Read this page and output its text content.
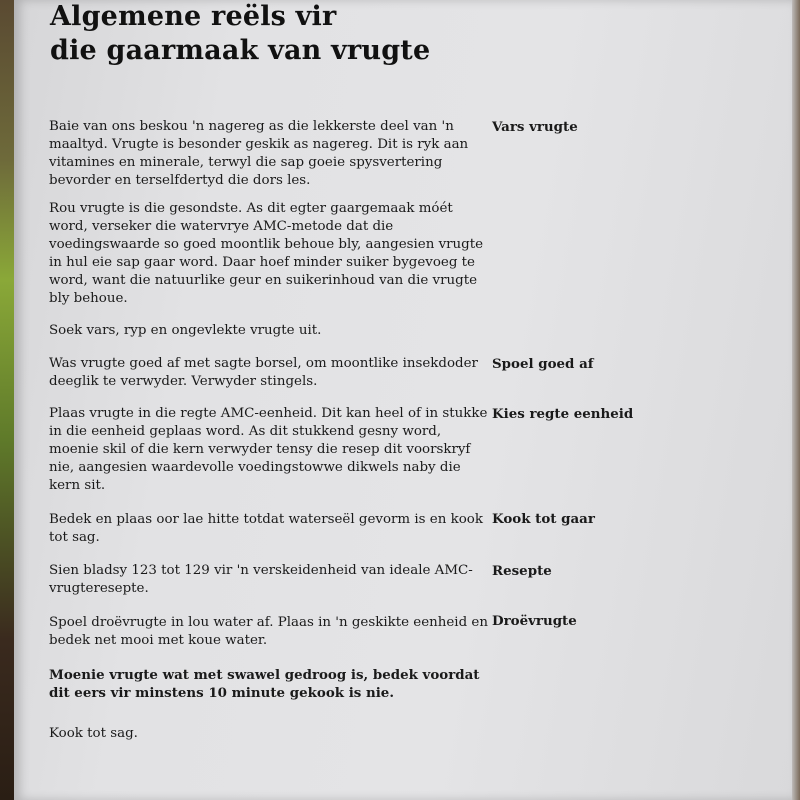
Algemene reëls vir
die gaarmaak van vrugte

Baie van ons beskou 'n nagereg as die lekkerste deel van 'n maaltyd. Vrugte is besonder geskik as nagereg. Dit is ryk aan vitamines en minerale, terwyl die sap goeie spysvertering bevorder en terselfdertyd die dors les.

Rou vrugte is die gesondste. As dit egter gaargemaak móét word, verseker die watervrye AMC-metode dat die voedingswaarde so goed moontlik behoue bly, aangesien vrugte in hul eie sap gaar word. Daar hoef minder suiker bygevoeg te word, want die natuurlike geur en suikerinhoud van die vrugte bly behoue.

Soek vars, ryp en ongevlekte vrugte uit.

Was vrugte goed af met sagte borsel, om moontlike insekdoder deeglik te verwyder. Verwyder stingels.

Plaas vrugte in die regte AMC-eenheid. Dit kan heel of in stukke in die eenheid geplaas word. As dit stukkend gesny word, moenie skil of die kern verwyder tensy die resep dit voorskryf nie, aangesien waardevolle voedingstowwe dikwels naby die kern sit.

Bedek en plaas oor lae hitte totdat waterseël gevorm is en kook tot sag.

Sien bladsy 123 tot 129 vir 'n verskeidenheid van ideale AMC-vrugteresepte.

Spoel droëvrugte in lou water af. Plaas in 'n geskikte eenheid en bedek net mooi met koue water.

Moenie vrugte wat met swawel gedroog is, bedek voordat dit eers vir minstens 10 minute gekook is nie.

Kook tot sag.

Vars vrugte
Spoel goed af
Kies regte eenheid
Kook tot gaar
Resepte
Droëvrugte
